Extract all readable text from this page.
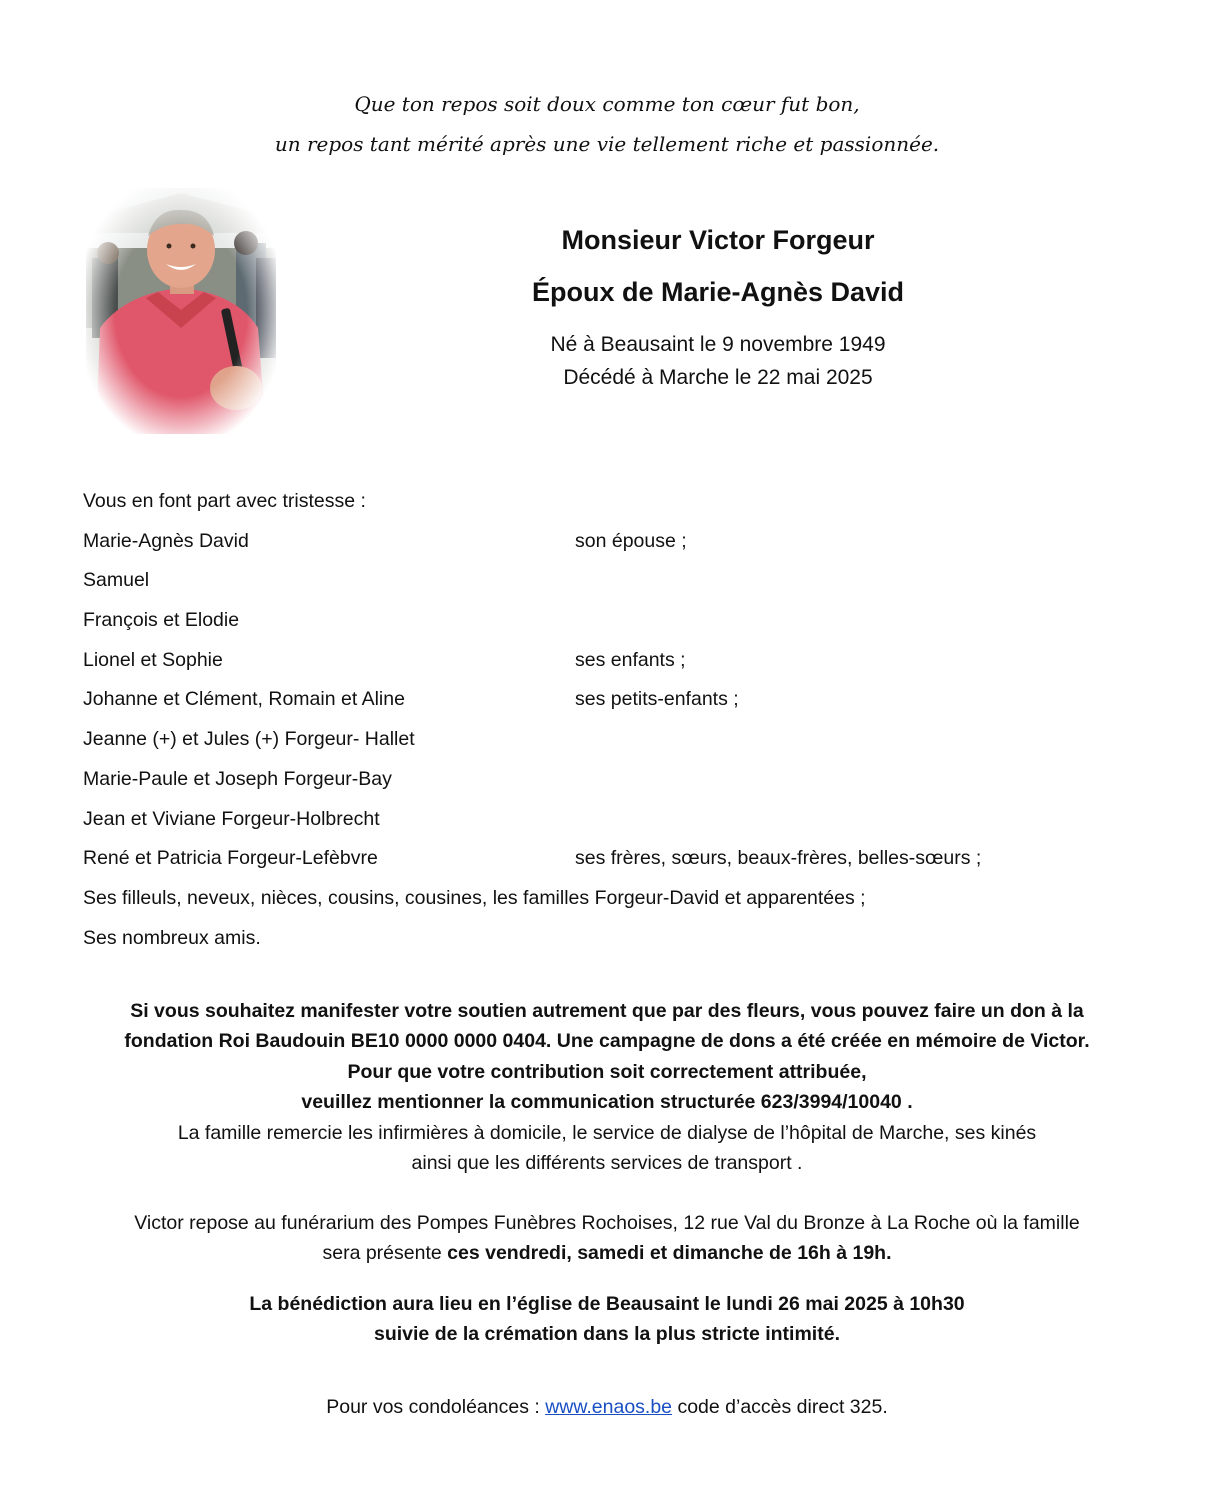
Que ton repos soit doux comme ton cœur fut bon,
un repos tant mérité après une vie tellement riche et passionnée.
Monsieur Victor Forgeur
Époux de Marie-Agnès David
Né à Beausaint le 9 novembre 1949
Décédé à Marche le 22 mai 2025
Vous en font part avec tristesse :
Marie-Agnès David	son épouse ;
Samuel
François et Elodie
Lionel et Sophie	ses enfants ;
Johanne et Clément, Romain et Aline	ses petits-enfants ;
Jeanne (+) et Jules (+) Forgeur- Hallet
Marie-Paule et Joseph Forgeur-Bay
Jean et Viviane Forgeur-Holbrecht
René et Patricia Forgeur-Lefèbvre	ses frères, sœurs, beaux-frères, belles-sœurs ;
Ses filleuls, neveux, nièces, cousins, cousines, les familles Forgeur-David et apparentées ;
Ses nombreux amis.
Si vous souhaitez manifester votre soutien autrement que par des fleurs, vous pouvez faire un don à la
fondation Roi Baudouin BE10 0000 0000 0404. Une campagne de dons a été créée en mémoire de Victor.
Pour que votre contribution soit correctement attribuée,
veuillez mentionner la communication structurée 623/3994/10040 .
La famille remercie les infirmières à domicile, le service de dialyse de l’hôpital de Marche, ses kinés
ainsi que les différents services de transport .
Victor repose au funérarium des Pompes Funèbres Rochoises, 12 rue Val du Bronze à La Roche où la famille
sera présente ces vendredi, samedi et dimanche de 16h à 19h.
La bénédiction aura lieu en l’église de Beausaint le lundi 26 mai 2025 à 10h30
suivie de la crémation dans la plus stricte intimité.
Pour vos condoléances : www.enaos.be code d’accès direct 325.
